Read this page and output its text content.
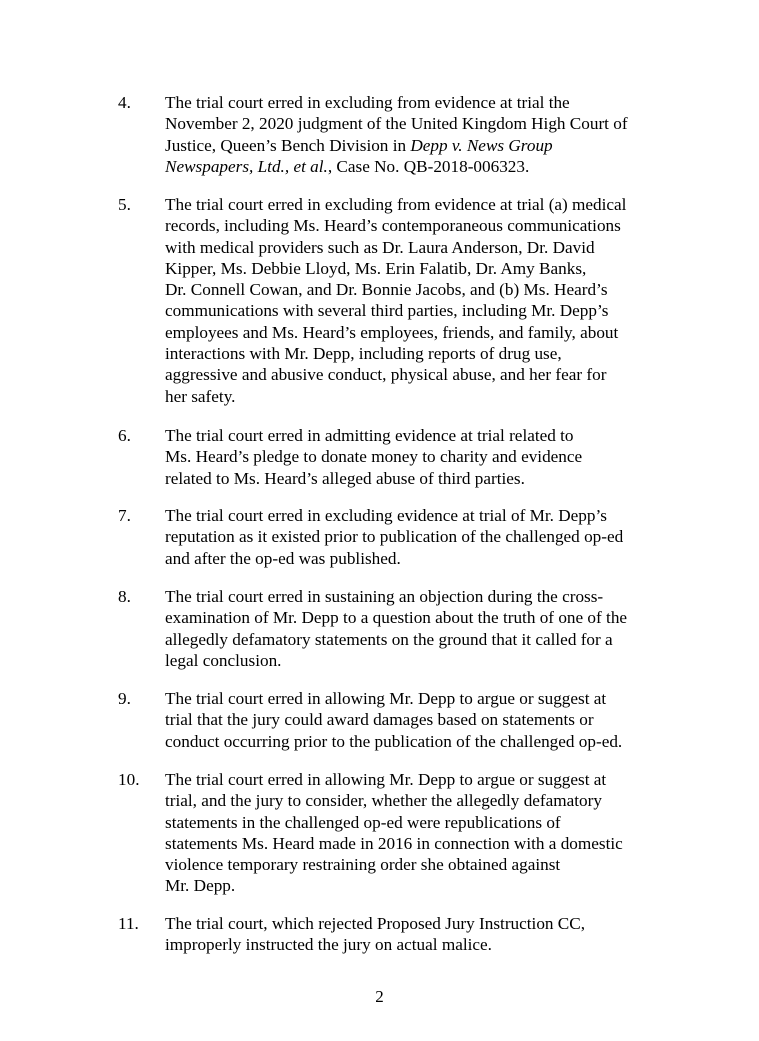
4.	The trial court erred in excluding from evidence at trial the
November 2, 2020 judgment of the United Kingdom High Court of
Justice, Queen’s Bench Division in Depp v. News Group
Newspapers, Ltd., et al., Case No. QB-2018-006323.
5.	The trial court erred in excluding from evidence at trial (a) medical
records, including Ms. Heard’s contemporaneous communications
with medical providers such as Dr. Laura Anderson, Dr. David
Kipper, Ms. Debbie Lloyd, Ms. Erin Falatib, Dr. Amy Banks,
Dr. Connell Cowan, and Dr. Bonnie Jacobs, and (b) Ms. Heard’s
communications with several third parties, including Mr. Depp’s
employees and Ms. Heard’s employees, friends, and family, about
interactions with Mr. Depp, including reports of drug use,
aggressive and abusive conduct, physical abuse, and her fear for
her safety.
6.	The trial court erred in admitting evidence at trial related to
Ms. Heard’s pledge to donate money to charity and evidence
related to Ms. Heard’s alleged abuse of third parties.
7.	The trial court erred in excluding evidence at trial of Mr. Depp’s
reputation as it existed prior to publication of the challenged op-ed
and after the op-ed was published.
8.	The trial court erred in sustaining an objection during the cross-
examination of Mr. Depp to a question about the truth of one of the
allegedly defamatory statements on the ground that it called for a
legal conclusion.
9.	The trial court erred in allowing Mr. Depp to argue or suggest at
trial that the jury could award damages based on statements or
conduct occurring prior to the publication of the challenged op-ed.
10.	The trial court erred in allowing Mr. Depp to argue or suggest at
trial, and the jury to consider, whether the allegedly defamatory
statements in the challenged op-ed were republications of
statements Ms. Heard made in 2016 in connection with a domestic
violence temporary restraining order she obtained against
Mr. Depp.
11.	The trial court, which rejected Proposed Jury Instruction CC,
improperly instructed the jury on actual malice.
2
